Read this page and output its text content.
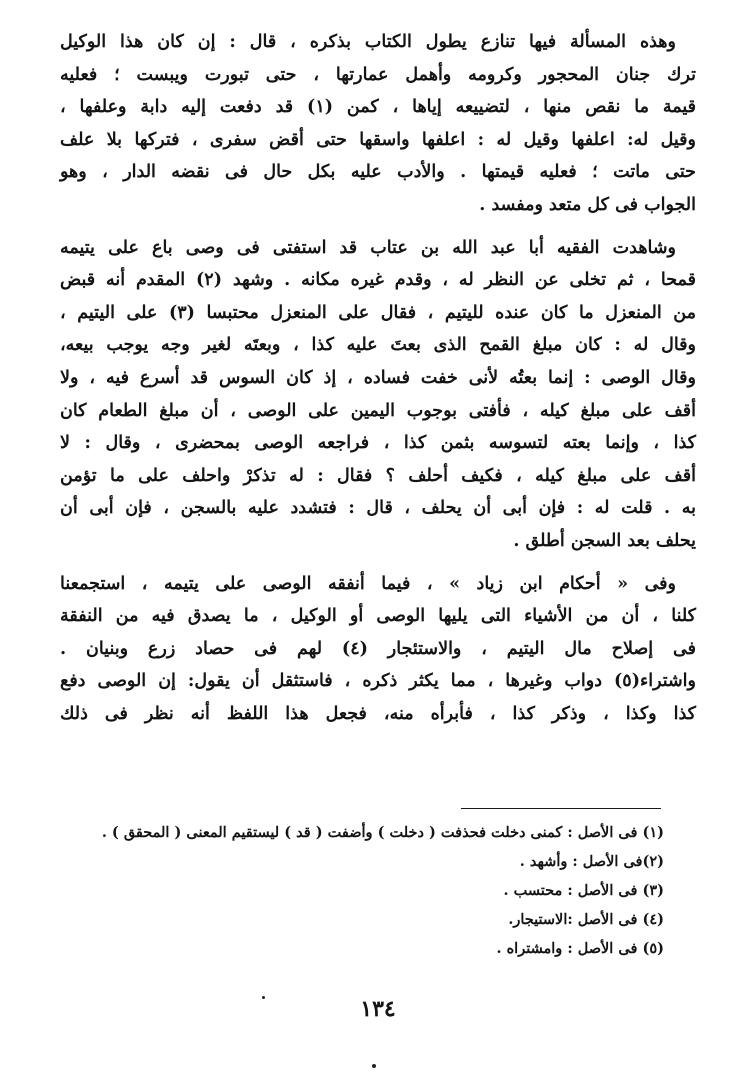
وهذه المسألة فيها تنازع يطول الكتاب بذكره ، قال : إن كان هذا الوكيل
ترك جنان المحجور وكرومه وأهمل عمارتها ، حتى تبورت ويبست ؛ فعليه
قيمة ما نقص منها ، لتضييعه إياها ، كمن (١) قد دفعت إليه دابة وعلفها ،
وقيل له: اعلفها وقيل له : اعلفها واسقها حتى أقض سفرى ، فتركها بلا علف
حتى ماتت ؛ فعليه قيمتها . والأدب عليه بكل حال فى نقضه الدار ، وهو
الجواب فى كل متعد ومفسد .
وشاهدت الفقيه أبا عبد الله بن عتاب قد استفتى فى وصى باع على يتيمه
قمحا ، ثم تخلى عن النظر له ، وقدم غيره مكانه . وشهد (٢) المقدم أنه قبض
من المنعزل ما كان عنده لليتيم ، فقال على المنعزل محتبسا (٣) على اليتيم ،
وقال له : كان مبلغ القمح الذى بعتَ عليه كذا ، وبعتَه لغير وجه يوجب بيعه،
وقال الوصى : إنما بعتُه لأنى خفت فساده ، إذ كان السوس قد أسرع فيه ، ولا
أقف على مبلغ كيله ، فأفتى بوجوب اليمين على الوصى ، أن مبلغ الطعام كان
كذا ، وإنما بعته لتسوسه بثمن كذا ، فراجعه الوصى بمحضرى ، وقال : لا
أقف على مبلغ كيله ، فكيف أحلف ؟ فقال : له تذكرْ واحلف على ما تؤمن
به . قلت له : فإن أبى أن يحلف ، قال : فتشدد عليه بالسجن ، فإن أبى أن
يحلف بعد السجن أطلق .
وفى « أحكام ابن زياد » ، فيما أنفقه الوصى على يتيمه ، استجمعنا
كلنا ، أن من الأشياء التى يليها الوصى أو الوكيل ، ما يصدق فيه من النفقة
فى إصلاح مال اليتيم ، والاستئجار (٤) لهم فى حصاد زرع وبنيان .
واشتراء(٥) دواب وغيرها ، مما يكثر ذكره ، فاستثقل أن يقول: إن الوصى دفع
كذا وكذا ، وذكر كذا ، فأبرأه منه، فجعل هذا اللفظ أنه نظر فى ذلك
(١) فى الأصل : كمنى دخلت فحذفت ( دخلت ) وأضفت ( قد ) ليستقيم المعنى ( المحقق ) .
(٢)فى الأصل : وأشهد .
(٣) فى الأصل : محتسب .
(٤) فى الأصل :الاستيجار.
(٥) فى الأصل : وامشتراه .
١٣٤
